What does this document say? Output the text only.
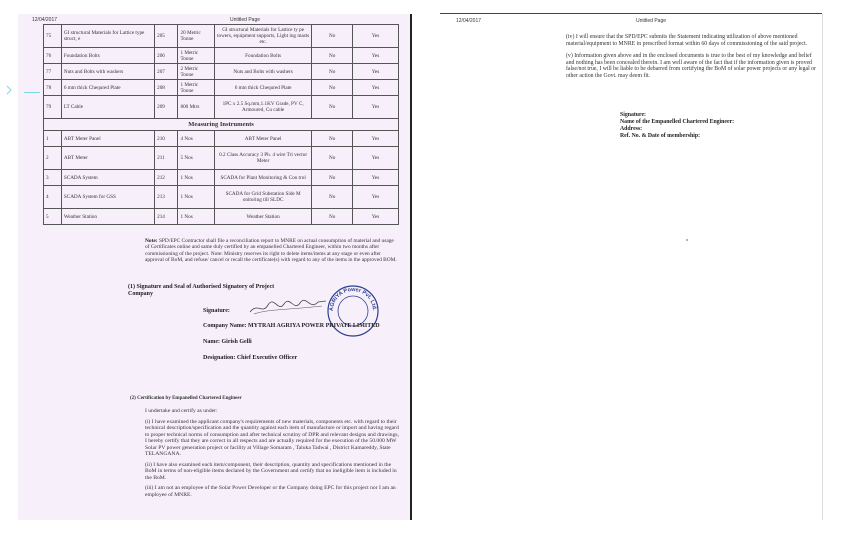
12/04/2017	Untitled Page
75	GI structural Materials for Lattice type struct, e	205	20 Metric Tonne	GI structural Materials for Lattice ty pe towers, equipment supports, Light ing masts etc.	No	Yes
76	Foundation Bolts	206	1 Metric Tonne	Foundation Bolts	No	Yes
77	Nuts and Bolts with washers	207	2 Metric Tonne	Nuts and Bolts with washers	No	Yes
78	6 mm thick Chequred Plate	208	1 Metric Tonne	6 mm thick Chequred Plate	No	Yes
79	LT Cable	209	800 Mtrs	1PC x 2.5 Sq.mm,1.1KV Grade, PV C, Armoured, Cu cable	No	Yes
Measuring Instruments						
1	ABT Meter Panel	210	4 Nos	ABT Meter Panel	No	Yes
2	ABT Meter	211	5 Nos	0.2 Class Accuracy 3 Ph. 4 wire Tri vector Meter	No	Yes
3	SCADA System	212	1 Nos	SCADA for Plant Monitoring & Con trol	No	Yes
4	SCADA System for GSS	213	1 Nos	SCADA for Grid Substation Side M onitoring till SLDC	No	Yes
5	Weather Station	214	1 Nos	Weather Station	No	Yes
Note: SPD/EPC Contractor shall file a reconciliation report to MNRE on actual consumption of material and usage of Certificates online and same duly certified by an empanelled Chartered Engineer, within two months after commissioning of the project. Note: Ministry reserves its right to delete items/items at any stage or even after approval of BoM, and refuse/ cancel or recall the certificate(s) with regard to any of the items in the approved BOM.
(1) Signature and Seal of Authorised Signatory of Project Company
Signature:	AGRIYA Power Pvt. Ltd.
Company Name: MYTRAH AGRIYA POWER PRIVATE LIMITED
Name: Girish Gelli
Designation: Chief Executive Officer
(2) Certification by Empanelled Chartered Engineer

I undertake and certify as under:

(i) I have examined the applicant company's requirements of new materials, components etc. with regard to their technical description/specification and the quantity against each item of manufacture or import and having regard to proper technical norms of consumption and after technical scrutiny of DPR and relevant designs and drawings, I hereby certify that they are correct in all respects and are actually required for the execution of the 50.000 MW Solar PV power generation project or facility at Village Somaram , Taluka Tadwai , District Kamareddy, State TELANGANA.

(ii) I have also examined each item/component, their description, quantity and specifications mentioned in the BoM in terms of non-eligible items declared by the Government and certify that no ineligible item is included in the BoM.

(iii) I am not an employee of the Solar Power Developer or the Company doing EPC for this project nor I am an employee of MNRE.

12/04/2017	Untitled Page

(iv) I will ensure that the SPD/EPC submits the Statement indicating utilization of above mentioned material/equipment to MNRE in prescribed format within 60 days of commissioning of the said project.

(v) Information given above and in the enclosed documents is true to the best of my knowledge and belief and nothing has been concealed therein. I am well aware of the fact that if the information given is proved false/not true, I will be liable to be debarred from certifying the BoM of solar power projects or any legal or other action the Govt. may deem fit.

Signature:
Name of the Empanelled Chartered Engineer:
Address:
Ref. No. & Date of membership:
